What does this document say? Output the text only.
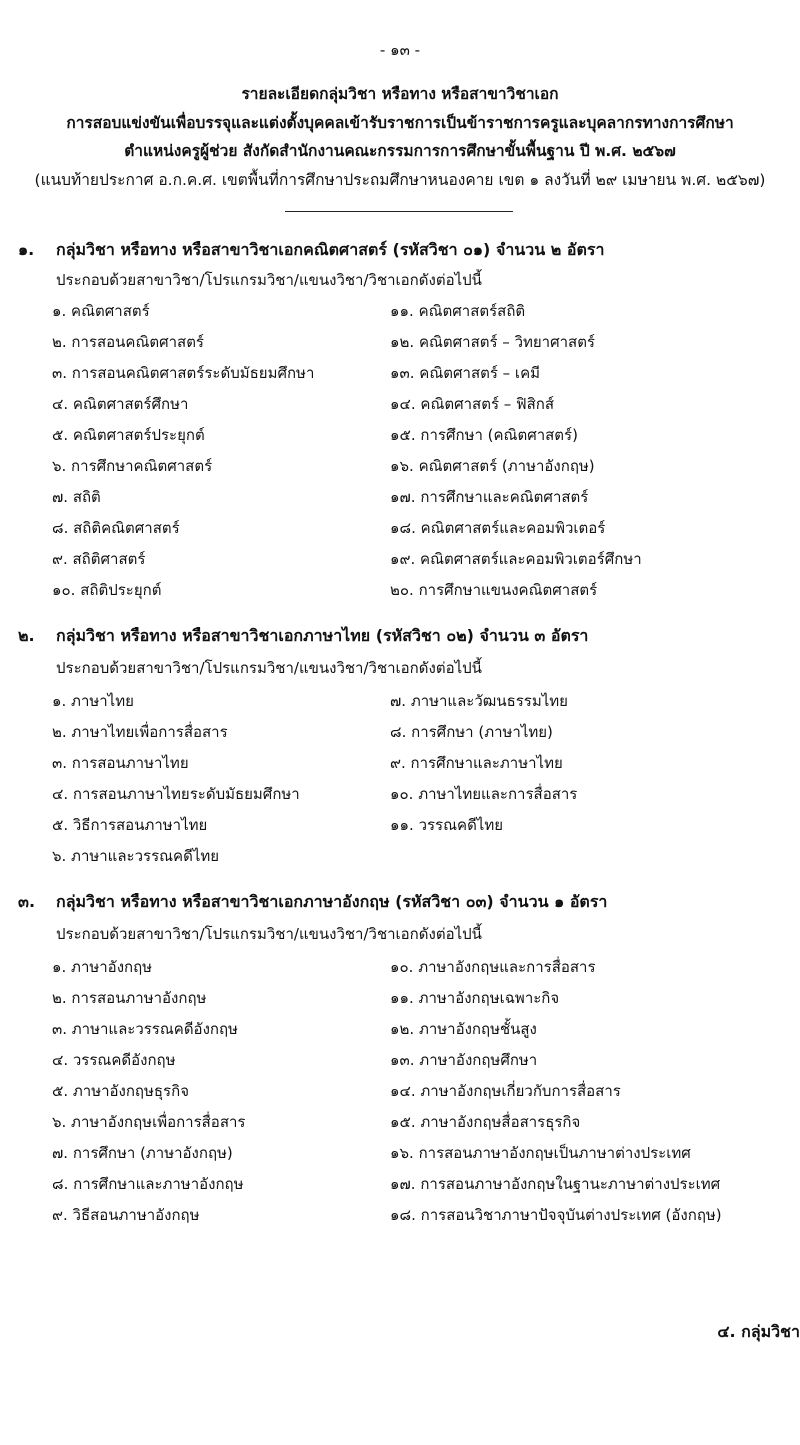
- ๑๓ -
รายละเอียดกลุ่มวิชา หรือทาง หรือสาขาวิชาเอก
การสอบแข่งขันเพื่อบรรจุและแต่งตั้งบุคคลเข้ารับราชการเป็นข้าราชการครูและบุคลากรทางการศึกษา
ตำแหน่งครูผู้ช่วย สังกัดสำนักงานคณะกรรมการการศึกษาขั้นพื้นฐาน ปี พ.ศ. ๒๕๖๗
(แนบท้ายประกาศ อ.ก.ค.ศ. เขตพื้นที่การศึกษาประถมศึกษาหนองคาย เขต ๑ ลงวันที่ ๒๙ เมษายน พ.ศ. ๒๕๖๗)
๑. กลุ่มวิชา หรือทาง หรือสาขาวิชาเอกคณิตศาสตร์ (รหัสวิชา ๐๑) จำนวน ๒ อัตรา
ประกอบด้วยสาขาวิชา/โปรแกรมวิชา/แขนงวิชา/วิชาเอกดังต่อไปนี้
๑. คณิตศาสตร์
๒. การสอนคณิตศาสตร์
๓. การสอนคณิตศาสตร์ระดับมัธยมศึกษา
๔. คณิตศาสตร์ศึกษา
๕. คณิตศาสตร์ประยุกต์
๖. การศึกษาคณิตศาสตร์
๗. สถิติ
๘. สถิติคณิตศาสตร์
๙. สถิติศาสตร์
๑๐. สถิติประยุกต์
๑๑. คณิตศาสตร์สถิติ
๑๒. คณิตศาสตร์ – วิทยาศาสตร์
๑๓. คณิตศาสตร์ – เคมี
๑๔. คณิตศาสตร์ – ฟิสิกส์
๑๕. การศึกษา (คณิตศาสตร์)
๑๖. คณิตศาสตร์ (ภาษาอังกฤษ)
๑๗. การศึกษาและคณิตศาสตร์
๑๘. คณิตศาสตร์และคอมพิวเตอร์
๑๙. คณิตศาสตร์และคอมพิวเตอร์ศึกษา
๒๐. การศึกษาแขนงคณิตศาสตร์
๒. กลุ่มวิชา หรือทาง หรือสาขาวิชาเอกภาษาไทย (รหัสวิชา ๐๒) จำนวน ๓ อัตรา
ประกอบด้วยสาขาวิชา/โปรแกรมวิชา/แขนงวิชา/วิชาเอกดังต่อไปนี้
๑. ภาษาไทย
๒. ภาษาไทยเพื่อการสื่อสาร
๓. การสอนภาษาไทย
๔. การสอนภาษาไทยระดับมัธยมศึกษา
๕. วิธีการสอนภาษาไทย
๖. ภาษาและวรรณคดีไทย
๗. ภาษาและวัฒนธรรมไทย
๘. การศึกษา (ภาษาไทย)
๙. การศึกษาและภาษาไทย
๑๐. ภาษาไทยและการสื่อสาร
๑๑. วรรณคดีไทย
๓. กลุ่มวิชา หรือทาง หรือสาขาวิชาเอกภาษาอังกฤษ (รหัสวิชา ๐๓) จำนวน ๑ อัตรา
ประกอบด้วยสาขาวิชา/โปรแกรมวิชา/แขนงวิชา/วิชาเอกดังต่อไปนี้
๑. ภาษาอังกฤษ
๒. การสอนภาษาอังกฤษ
๓. ภาษาและวรรณคดีอังกฤษ
๔. วรรณคดีอังกฤษ
๕. ภาษาอังกฤษธุรกิจ
๖. ภาษาอังกฤษเพื่อการสื่อสาร
๗. การศึกษา (ภาษาอังกฤษ)
๘. การศึกษาและภาษาอังกฤษ
๙. วิธีสอนภาษาอังกฤษ
๑๐. ภาษาอังกฤษและการสื่อสาร
๑๑. ภาษาอังกฤษเฉพาะกิจ
๑๒. ภาษาอังกฤษชั้นสูง
๑๓. ภาษาอังกฤษศึกษา
๑๔. ภาษาอังกฤษเกี่ยวกับการสื่อสาร
๑๕. ภาษาอังกฤษสื่อสารธุรกิจ
๑๖. การสอนภาษาอังกฤษเป็นภาษาต่างประเทศ
๑๗. การสอนภาษาอังกฤษในฐานะภาษาต่างประเทศ
๑๘. การสอนวิชาภาษาปัจจุบันต่างประเทศ (อังกฤษ)
๔. กลุ่มวิชา
